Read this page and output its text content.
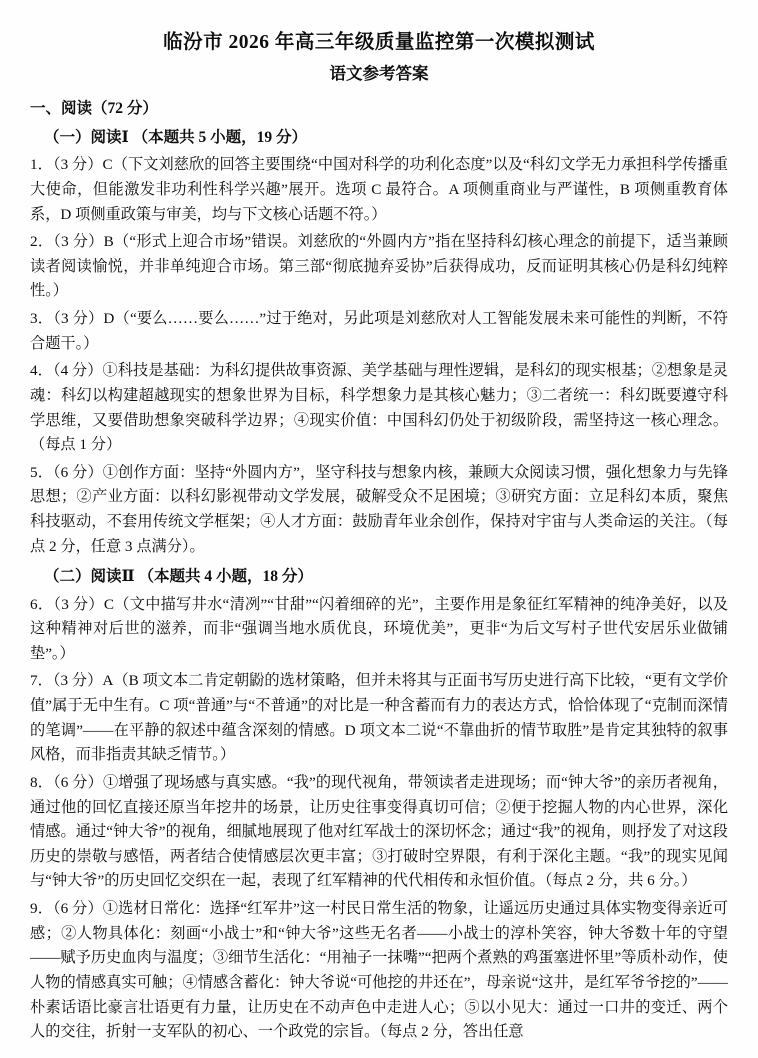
临汾市 2026 年高三年级质量监控第一次模拟测试
语文参考答案
一、阅读（72 分）
（一）阅读Ⅰ （本题共 5 小题，19 分）

1．（3 分）C（下文刘慈欣的回答主要围绕“中国对科学的功利化态度”以及“科幻文学无力承担科学传播重大使命，但能激发非功利性科学兴趣”展开。选项 C 最符合。A 项侧重商业与严谨性，B 项侧重教育体系，D 项侧重政策与审美，均与下文核心话题不符。）

2．（3 分）B（“形式上迎合市场”错误。刘慈欣的“外圆内方”指在坚持科幻核心理念的前提下，适当兼顾读者阅读愉悦，并非单纯迎合市场。第三部“彻底抛弃妥协”后获得成功，反而证明其核心仍是科幻纯粹性。）

3．（3 分）D（“要么……要么……”过于绝对，另此项是刘慈欣对人工智能发展未来可能性的判断，不符合题干。）

4．（4 分）①科技是基础：为科幻提供故事资源、美学基础与理性逻辑，是科幻的现实根基；②想象是灵魂：科幻以构建超越现实的想象世界为目标，科学想象力是其核心魅力；③二者统一：科幻既要遵守科学思维，又要借助想象突破科学边界；④现实价值：中国科幻仍处于初级阶段，需坚持这一核心理念。（每点 1 分）

5．（6 分）①创作方面：坚持“外圆内方”，坚守科技与想象内核，兼顾大众阅读习惯，强化想象力与先锋思想；②产业方面：以科幻影视带动文学发展，破解受众不足困境；③研究方面：立足科幻本质，聚焦科技驱动，不套用传统文学框架；④人才方面：鼓励青年业余创作，保持对宇宙与人类命运的关注。（每点 2 分，任意 3 点满分）。

（二）阅读Ⅱ （本题共 4 小题，18 分）

6．（3 分）C（文中描写井水“清冽”“甘甜”“闪着细碎的光”，主要作用是象征红军精神的纯净美好，以及这种精神对后世的滋养，而非“强调当地水质优良，环境优美”，更非“为后文写村子世代安居乐业做铺垫”。）

7．（3 分）A（B 项文本二肯定朝鼢的选材策略，但并未将其与正面书写历史进行高下比较，“更有文学价值”属于无中生有。C 项“普通”与“不普通”的对比是一种含蓄而有力的表达方式，恰恰体现了“克制而深情的笔调”——在平静的叙述中蕴含深刻的情感。D 项文本二说“不靠曲折的情节取胜”是肯定其独特的叙事风格，而非指责其缺乏情节。）

8．（6 分）①增强了现场感与真实感。“我”的现代视角，带领读者走进现场；而“钟大爷”的亲历者视角，通过他的回忆直接还原当年挖井的场景，让历史往事变得真切可信；②便于挖掘人物的内心世界，深化情感。通过“钟大爷”的视角，细腻地展现了他对红军战士的深切怀念；通过“我”的视角，则抒发了对这段历史的崇敬与感悟，两者结合使情感层次更丰富；③打破时空界限，有利于深化主题。“我”的现实见闻与“钟大爷”的历史回忆交织在一起，表现了红军精神的代代相传和永恒价值。（每点 2 分，共 6 分。）

9．（6 分）①选材日常化：选择“红军井”这一村民日常生活的物象，让遥远历史通过具体实物变得亲近可感；②人物具体化：刻画“小战士”和“钟大爷”这些无名者——小战士的淳朴笑容，钟大爷数十年的守望——赋予历史血肉与温度；③细节生活化：“用袖子一抹嘴”“把两个煮熟的鸡蛋塞进怀里”等质朴动作，使人物的情感真实可触；④情感含蓄化：钟大爷说“可他挖的井还在”，母亲说“这井，是红军爷爷挖的”——朴素话语比豪言壮语更有力量，让历史在不动声色中走进人心；⑤以小见大：通过一口井的变迁、两个人的交往，折射一支军队的初心、一个政党的宗旨。（每点 2 分，答出任意
